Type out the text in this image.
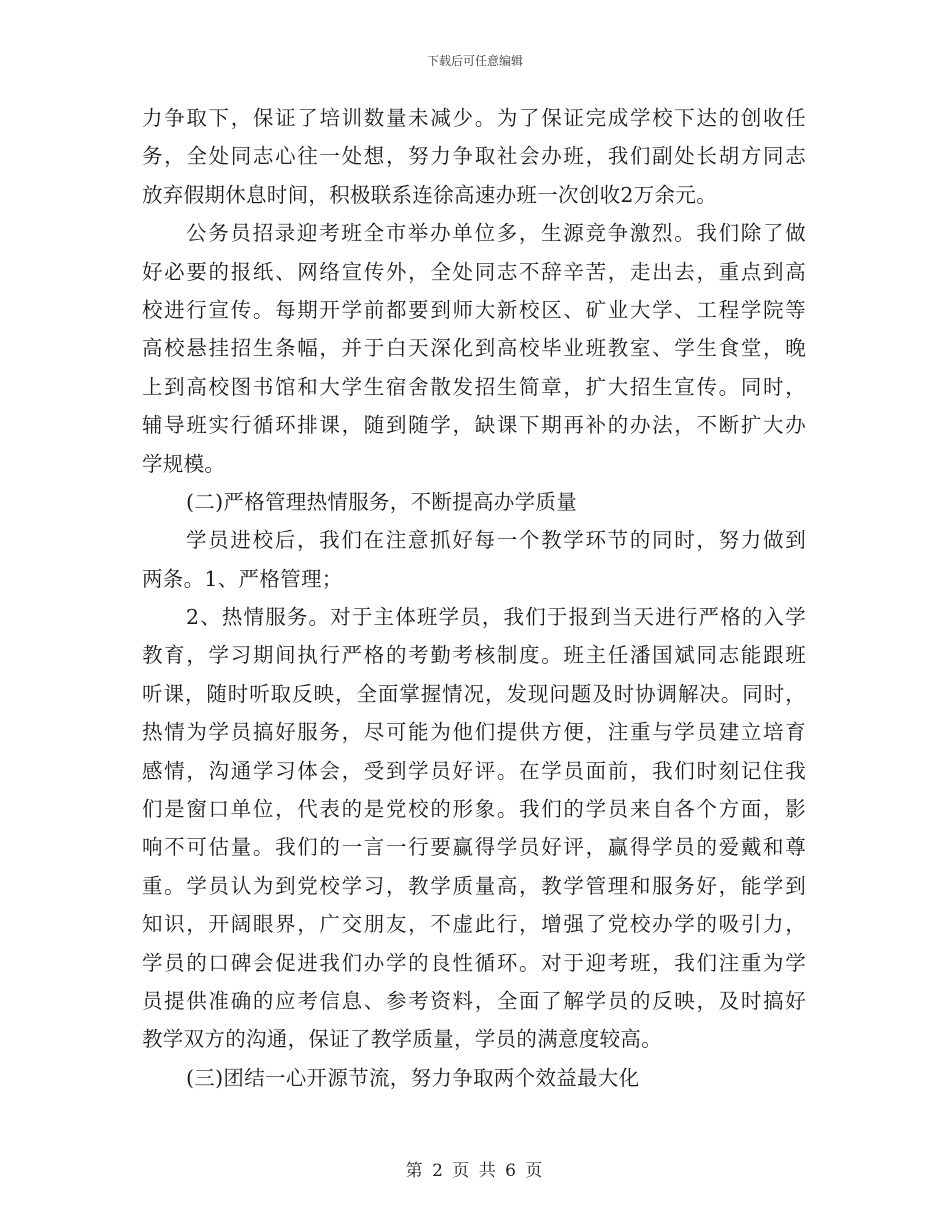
下载后可任意编辑
力争取下，保证了培训数量未减少。为了保证完成学校下达的创收任
务，全处同志心往一处想，努力争取社会办班，我们副处长胡方同志
放弃假期休息时间，积极联系连徐高速办班一次创收2万余元。
公务员招录迎考班全市举办单位多，生源竞争激烈。我们除了做
好必要的报纸、网络宣传外，全处同志不辞辛苦，走出去，重点到高
校进行宣传。每期开学前都要到师大新校区、矿业大学、工程学院等
高校悬挂招生条幅，并于白天深化到高校毕业班教室、学生食堂，晚
上到高校图书馆和大学生宿舍散发招生简章，扩大招生宣传。同时，
辅导班实行循环排课，随到随学，缺课下期再补的办法，不断扩大办
学规模。
(二)严格管理热情服务，不断提高办学质量
学员进校后，我们在注意抓好每一个教学环节的同时，努力做到
两条。1、严格管理；
2、热情服务。对于主体班学员，我们于报到当天进行严格的入学
教育，学习期间执行严格的考勤考核制度。班主任潘国斌同志能跟班
听课，随时听取反映，全面掌握情况，发现问题及时协调解决。同时，
热情为学员搞好服务，尽可能为他们提供方便，注重与学员建立培育
感情，沟通学习体会，受到学员好评。在学员面前，我们时刻记住我
们是窗口单位，代表的是党校的形象。我们的学员来自各个方面，影
响不可估量。我们的一言一行要赢得学员好评，赢得学员的爱戴和尊
重。学员认为到党校学习，教学质量高，教学管理和服务好，能学到
知识，开阔眼界，广交朋友，不虚此行，增强了党校办学的吸引力，
学员的口碑会促进我们办学的良性循环。对于迎考班，我们注重为学
员提供准确的应考信息、参考资料，全面了解学员的反映，及时搞好
教学双方的沟通，保证了教学质量，学员的满意度较高。
(三)团结一心开源节流，努力争取两个效益最大化
第 2 页 共 6 页
